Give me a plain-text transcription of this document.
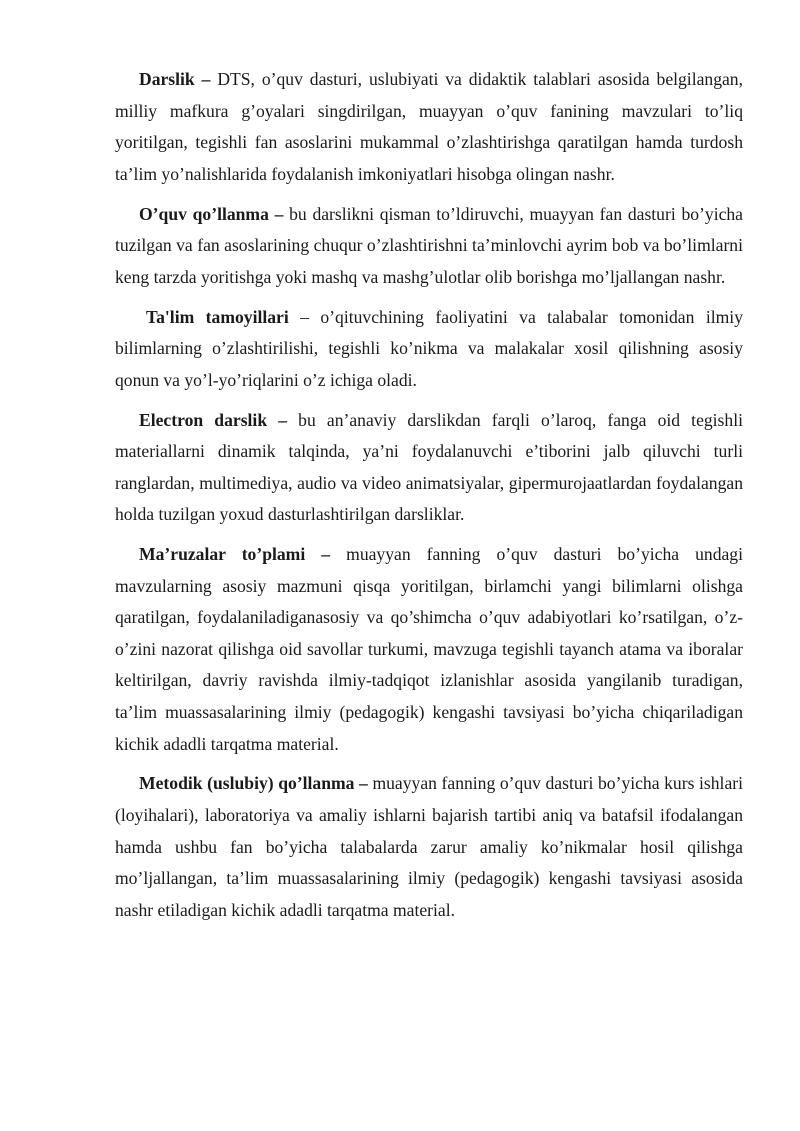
Darslik – DTS, o’quv dasturi, uslubiyati va didaktik talablari asosida belgilangan, milliy mafkura g’oyalari singdirilgan, muayyan o’quv fanining mavzulari to’liq yoritilgan, tegishli fan asoslarini mukammal o’zlashtirishga qaratilgan hamda turdosh ta’lim yo’nalishlarida foydalanish imkoniyatlari hisobga olingan nashr.

O’quv qo’llanma – bu darslikni qisman to’ldiruvchi, muayyan fan dasturi bo’yicha tuzilgan va fan asoslarining chuqur o’zlashtirishni ta’minlovchi ayrim bob va bo’limlarni keng tarzda yoritishga yoki mashq va mashg’ulotlar olib borishga mo’ljallangan nashr.

Ta'lim tamoyillari – o’qituvchining faoliyatini va talabalar tomonidan ilmiy bilimlarning o’zlashtirilishi, tegishli ko’nikma va malakalar xosil qilishning asosiy qonun va yo’l-yo’riqlarini o’z ichiga oladi.

Electron darslik – bu an’anaviy darslikdan farqli o’laroq, fanga oid tegishli materiallarni dinamik talqinda, ya’ni foydalanuvchi e’tiborini jalb qiluvchi turli ranglardan, multimediya, audio va video animatsiyalar, gipermurojaatlardan foydalangan holda tuzilgan yoxud dasturlashtirilgan darsliklar.

Ma’ruzalar to’plami – muayyan fanning o’quv dasturi bo’yicha undagi mavzularning asosiy mazmuni qisqa yoritilgan, birlamchi yangi bilimlarni olishga qaratilgan, foydalaniladiganasosiy va qo’shimcha o’quv adabiyotlari ko’rsatilgan, o’z-o’zini nazorat qilishga oid savollar turkumi, mavzuga tegishli tayanch atama va iboralar keltirilgan, davriy ravishda ilmiy-tadqiqot izlanishlar asosida yangilanib turadigan, ta’lim muassasalarining ilmiy (pedagogik) kengashi tavsiyasi bo’yicha chiqariladigan kichik adadli tarqatma material.

Metodik (uslubiy) qo’llanma – muayyan fanning o’quv dasturi bo’yicha kurs ishlari (loyihalari), laboratoriya va amaliy ishlarni bajarish tartibi aniq va batafsil ifodalangan hamda ushbu fan bo’yicha talabalarda zarur amaliy ko’nikmalar hosil qilishga mo’ljallangan, ta’lim muassasalarining ilmiy (pedagogik) kengashi tavsiyasi asosida nashr etiladigan kichik adadli tarqatma material.
